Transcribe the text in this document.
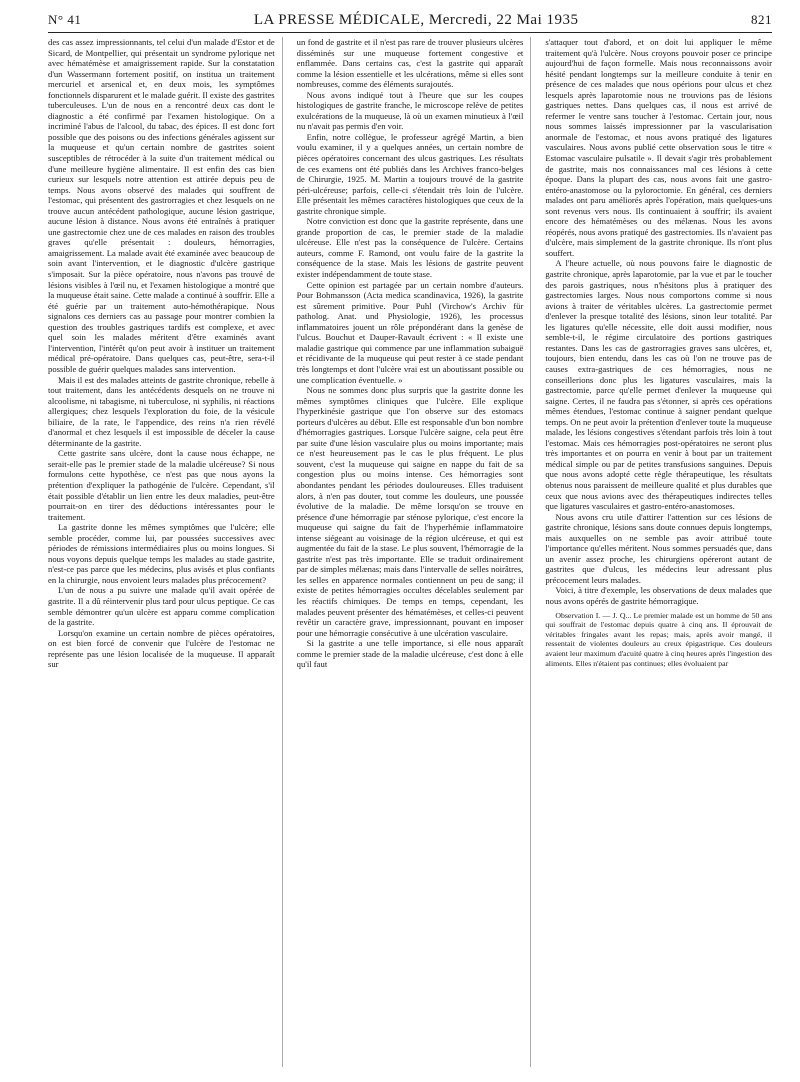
N° 41	LA PRESSE MÉDICALE, Mercredi, 22 Mai 1935	821

des cas assez impressionnants, tel celui d'un malade d'Estor et de Sicard, de Montpellier, qui présentait un syndrome pylorique net avec hématémèse et amaigrissement rapide. Sur la constatation d'un Wassermann fortement positif, on institua un traitement mercuriel et arsenical et, en deux mois, les symptômes fonctionnels disparurent et le malade guérit. Il existe des gastrites tuberculeuses. L'un de nous en a rencontré deux cas dont le diagnostic a été confirmé par l'examen histologique. On a incriminé l'abus de l'alcool, du tabac, des épices. Il est donc fort possible que des poisons ou des infections générales agissent sur la muqueuse et qu'un certain nombre de gastrites soient susceptibles de rétrocéder à la suite d'un traitement médical ou d'une meilleure hygiène alimentaire. Il est enfin des cas bien curieux sur lesquels notre attention est attirée depuis peu de temps. Nous avons observé des malades qui souffrent de l'estomac, qui présentent des gastrorragies et chez lesquels on ne trouve aucun antécédent pathologique, aucune lésion gastrique, aucune lésion à distance. Nous avons été entraînés à pratiquer une gastrectomie chez une de ces malades en raison des troubles graves qu'elle présentait : douleurs, hémorragies, amaigrissement. La malade avait été examinée avec beaucoup de soin avant l'intervention, et le diagnostic d'ulcère gastrique s'imposait. Sur la pièce opératoire, nous n'avons pas trouvé de lésions visibles à l'œil nu, et l'examen histologique a montré que la muqueuse était saine. Cette malade a continué à souffrir. Elle a été guérie par un traitement auto-hémothérapique. Nous signalons ces derniers cas au passage pour montrer combien la question des troubles gastriques tardifs est complexe, et avec quel soin les malades méritent d'être examinés avant l'intervention, l'intérêt qu'on peut avoir à instituer un traitement médical pré-opératoire. Dans quelques cas, peut-être, sera-t-il possible de guérir quelques malades sans intervention.

Mais il est des malades atteints de gastrite chronique, rebelle à tout traitement, dans les antécédents desquels on ne trouve ni alcoolisme, ni tabagisme, ni tuberculose, ni syphilis, ni réactions allergiques; chez lesquels l'exploration du foie, de la vésicule biliaire, de la rate, le l'appendice, des reins n'a rien révélé d'anormal et chez lesquels il est impossible de déceler la cause déterminante de la gastrite.

Cette gastrite sans ulcère, dont la cause nous échappe, ne serait-elle pas le premier stade de la maladie ulcéreuse? Si nous formulons cette hypothèse, ce n'est pas que nous ayons la prétention d'expliquer la pathogénie de l'ulcère. Cependant, s'il était possible d'établir un lien entre les deux maladies, peut-être pourrait-on en tirer des déductions intéressantes pour le traitement.

La gastrite donne les mêmes symptômes que l'ulcère; elle semble procéder, comme lui, par poussées successives avec périodes de rémissions intermédiaires plus ou moins longues. Si nous voyons depuis quelque temps les malades au stade gastrite, n'est-ce pas parce que les médecins, plus avisés et plus confiants en la chirurgie, nous envoient leurs malades plus précocement?

L'un de nous a pu suivre une malade qu'il avait opérée de gastrite. Il a dû réintervenir plus tard pour ulcus peptique. Ce cas semble démontrer qu'un ulcère est apparu comme complication de la gastrite.

Lorsqu'on examine un certain nombre de pièces opératoires, on est bien forcé de convenir que l'ulcère de l'estomac ne représente pas une lésion localisée de la muqueuse. Il apparaît sur

un fond de gastrite et il n'est pas rare de trouver plusieurs ulcères disséminés sur une muqueuse fortement congestive et enflammée. Dans certains cas, c'est la gastrite qui apparaît comme la lésion essentielle et les ulcérations, même si elles sont nombreuses, comme des éléments surajoutés.

Nous avons indiqué tout à l'heure que sur les coupes histologiques de gastrite franche, le microscope relève de petites exulcérations de la muqueuse, là où un examen minutieux à l'œil nu n'avait pas permis d'en voir.

Enfin, notre collègue, le professeur agrégé Martin, a bien voulu examiner, il y a quelques années, un certain nombre de pièces opératoires concernant des ulcus gastriques. Les résultats de ces examens ont été publiés dans les Archives franco-belges de Chirurgie, 1925. M. Martin a toujours trouvé de la gastrite péri-ulcéreuse; parfois, celle-ci s'étendait très loin de l'ulcère. Elle présentait les mêmes caractères histologiques que ceux de la gastrite chronique simple.

Notre conviction est donc que la gastrite représente, dans une grande proportion de cas, le premier stade de la maladie ulcéreuse. Elle n'est pas la conséquence de l'ulcère. Certains auteurs, comme F. Ramond, ont voulu faire de la gastrite la conséquence de la stase. Mais les lésions de gastrite peuvent exister indépendamment de toute stase.

Cette opinion est partagée par un certain nombre d'auteurs. Pour Bohmansson (Acta medica scandinavica, 1926), la gastrite est sûrement primitive. Pour Puhl (Virchow's Archiv für patholog. Anat. und Physiologie, 1926), les processus inflammatoires jouent un rôle prépondérant dans la genèse de l'ulcus. Bouchut et Dauper-Ravault écrivent : « Il existe une maladie gastrique qui commence par une inflammation subaiguë et récidivante de la muqueuse qui peut rester à ce stade pendant très longtemps et dont l'ulcère vrai est un aboutissant possible ou une complication éventuelle. »

Nous ne sommes donc plus surpris que la gastrite donne les mêmes symptômes cliniques que l'ulcère. Elle explique l'hyperkinésie gastrique que l'on observe sur des estomacs porteurs d'ulcères au début. Elle est responsable d'un bon nombre d'hémorragies gastriques. Lorsque l'ulcère saigne, cela peut être par suite d'une lésion vasculaire plus ou moins importante; mais ce n'est heureusement pas le cas le plus fréquent. Le plus souvent, c'est la muqueuse qui saigne en nappe du fait de sa congestion plus ou moins intense. Ces hémorragies sont abondantes pendant les périodes douloureuses. Elles traduisent alors, à n'en pas douter, tout comme les douleurs, une poussée évolutive de la maladie. De même lorsqu'on se trouve en présence d'une hémorragie par sténose pylorique, c'est encore la muqueuse qui saigne du fait de l'hyperhémie inflammatoire intense siégeant au voisinage de la région ulcéreuse, et qui est augmentée du fait de la stase. Le plus souvent, l'hémorragie de la gastrite n'est pas très importante. Elle se traduit ordinairement par de simples mélænas; mais dans l'intervalle de selles noirâtres, les selles en apparence normales contiennent un peu de sang; il existe de petites hémorragies occultes décelables seulement par les réactifs chimiques. De temps en temps, cependant, les malades peuvent présenter des hématémèses, et celles-ci peuvent revêtir un caractère grave, impressionnant, pouvant en imposer pour une hémorragie consécutive à une ulcération vasculaire.

Si la gastrite a une telle importance, si elle nous apparaît comme le premier stade de la maladie ulcéreuse, c'est donc à elle qu'il faut

s'attaquer tout d'abord, et on doit lui appliquer le même traitement qu'à l'ulcère. Nous croyons pouvoir poser ce principe aujourd'hui de façon formelle. Mais nous reconnaissons avoir hésité pendant longtemps sur la meilleure conduite à tenir en présence de ces malades que nous opérions pour ulcus et chez lesquels après laparotomie nous ne trouvions pas de lésions gastriques nettes. Dans quelques cas, il nous est arrivé de refermer le ventre sans toucher à l'estomac. Certain jour, nous nous sommes laissés impressionner par la vascularisation anormale de l'estomac, et nous avons pratiqué des ligatures vasculaires. Nous avons publié cette observation sous le titre « Estomac vasculaire pulsatile ». Il devait s'agir très probablement de gastrite, mais nos connaissances mal ces lésions à cette époque. Dans la plupart des cas, nous avons fait une gastro-entéro-anastomose ou la pyloroctomie. En général, ces derniers malades ont paru améliorés après l'opération, mais quelques-uns sont revenus vers nous. Ils continuaient à souffrir; ils avaient encore des hématémèses ou des mélænas. Nous les avons réopérés, nous avons pratiqué des gastrectomies. Ils n'avaient pas d'ulcère, mais simplement de la gastrite chronique. Ils n'ont plus souffert.

A l'heure actuelle, où nous pouvons faire le diagnostic de gastrite chronique, après laparotomie, par la vue et par le toucher des parois gastriques, nous n'hésitons plus à pratiquer des gastrectomies larges. Nous nous comportons comme si nous avions à traiter de véritables ulcères. La gastrectomie permet d'enlever la presque totalité des lésions, sinon leur totalité. Par les ligatures qu'elle nécessite, elle doit aussi modifier, nous semble-t-il, le régime circulatoire des portions gastriques restantes. Dans les cas de gastrorragies graves sans ulcères, et, toujours, bien entendu, dans les cas où l'on ne trouve pas de causes extra-gastriques de ces hémorragies, nous ne conseillerions donc plus les ligatures vasculaires, mais la gastrectomie, parce qu'elle permet d'enlever la muqueuse qui saigne. Certes, il ne faudra pas s'étonner, si après ces opérations mêmes étendues, l'estomac continue à saigner pendant quelque temps. On ne peut avoir la prétention d'enlever toute la muqueuse malade, les lésions congestives s'étendant parfois très loin à tout l'estomac. Mais ces hémorragies post-opératoires ne seront plus très importantes et on pourra en venir à bout par un traitement médical simple ou par de petites transfusions sanguines. Depuis que nous avons adopté cette règle thérapeutique, les résultats obtenus nous paraissent de meilleure qualité et plus durables que ceux que nous avions avec des thérapeutiques indirectes telles que ligatures vasculaires et gastro-entéro-anastomoses.

Nous avons cru utile d'attirer l'attention sur ces lésions de gastrite chronique, lésions sans doute connues depuis longtemps, mais auxquelles on ne semble pas avoir attribué toute l'importance qu'elles méritent. Nous sommes persuadés que, dans un avenir assez proche, les chirurgiens opéreront autant de gastrites que d'ulcus, les médecins leur adressant plus précocement leurs malades.

Voici, à titre d'exemple, les observations de deux malades que nous avons opérés de gastrite hémorragique.

Observation I. — J. Q... Le premier malade est un homme de 50 ans qui souffrait de l'estomac depuis quatre à cinq ans. Il éprouvait de véritables fringales avant les repas; mais, après avoir mangé, il ressentait de violentes douleurs au creux épigastrique. Ces douleurs avaient leur maximum d'acuité quatre à cinq heures après l'ingestion des aliments. Elles n'étaient pas continues; elles évoluaient par
